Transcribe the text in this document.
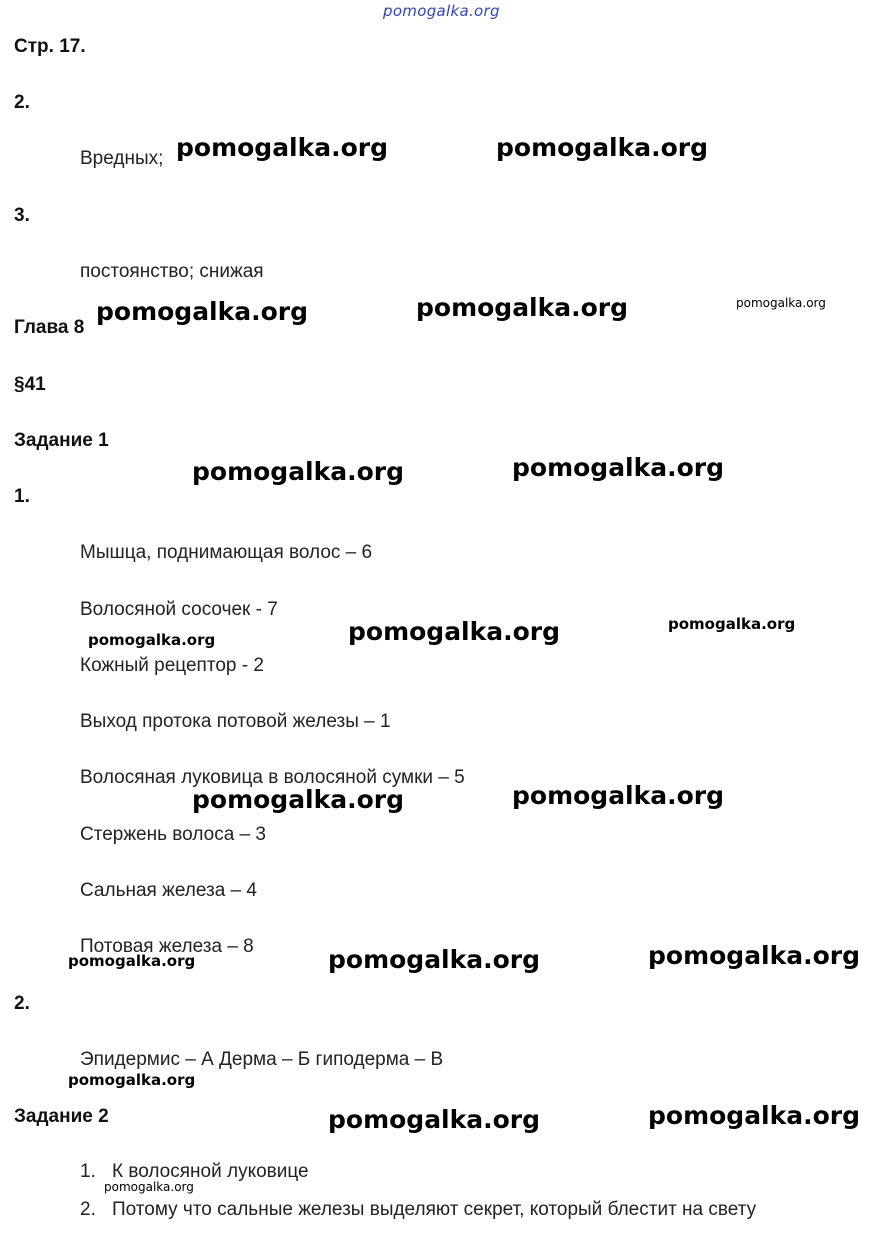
pomogalka.org
Стр. 17.
2.
Вредных;
3.
постоянство; снижая
Глава 8
§41
Задание 1
1.
Мышца, поднимающая волос – 6
Волосяной сосочек - 7
Кожный рецептор - 2
Выход протока потовой железы – 1
Волосяная луковица в волосяной сумки – 5
Стержень волоса – 3
Сальная железа – 4
Потовая железа – 8
2.
Эпидермис – А Дерма – Б гиподерма – В
Задание 2
1. К волосяной луковице
2. Потому что сальные железы выделяют секрет, который блестит на свету
pomogalka.org	pomogalka.org
pomogalka.org	pomogalka.org	pomogalka.org
pomogalka.org	pomogalka.org
pomogalka.org	pomogalka.org	pomogalka.org
pomogalka.org	pomogalka.org
pomogalka.org	pomogalka.org	pomogalka.org
pomogalka.org
pomogalka.org	pomogalka.org
pomogalka.org
